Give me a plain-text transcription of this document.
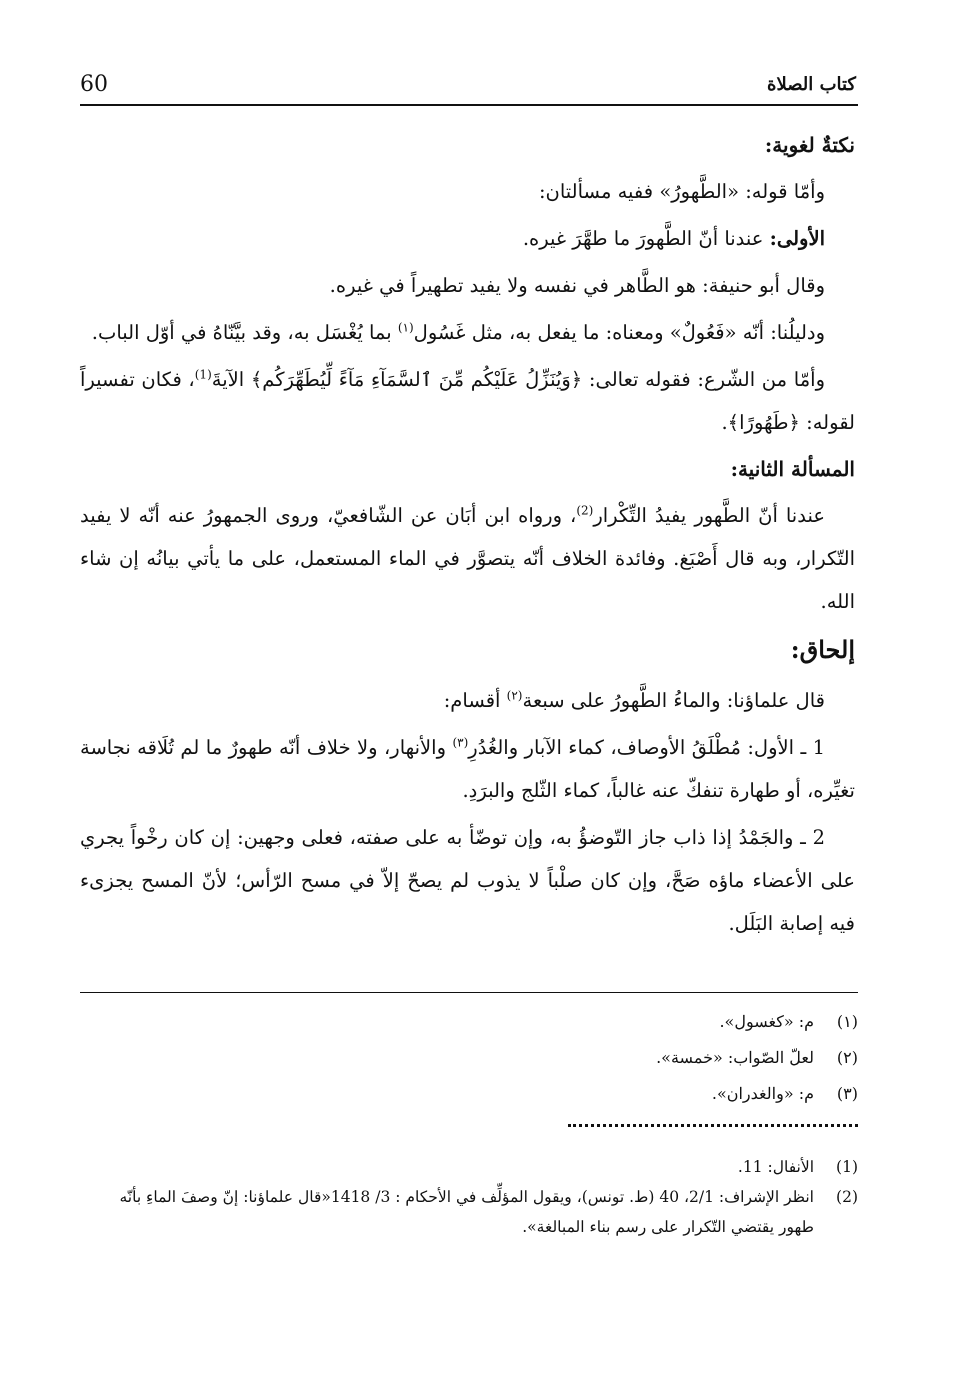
60	كتاب الصلاة

نكتةٌ لغوية:

وأمّا قوله: «الطَّهورُ» ففيه مسألتان:

الأولى: عندنا أنّ الطَّهورَ ما طهَّرَ غيره.

وقال أبو حنيفة: هو الطَّاهر في نفسه ولا يفيد تطهيراً في غيره.

ودليلُنا: أنّه «فَعُولٌ» ومعناه: ما يفعل به، مثل غَسُول$^{(١)}$ بما يُغْسَل به، وقد بيَّنّاهُ في أوّل الباب.

وأمّا من الشّرع: فقوله تعالى: ﴿وَيُنَزِّلُ عَلَيْكُم مِّنَ ٱلسَّمَآءِ مَآءً لِّيُطَهِّرَكُم﴾ الآيةَ$^{(1)}$، فكان تفسيراً لقوله: ﴿طَهُورًا﴾.

المسألة الثانية:

عندنا أنّ الطَّهور يفيدُ التِّكْرار$^{(2)}$، ورواه ابن أبَان عن الشّافعيّ، وروى الجمهورُ عنه أنّه لا يفيد التّكرار، وبه قال أَصْبَغ. وفائدة الخلاف أنّه يتصوَّر في الماء المستعمل، على ما يأتي بيانُه إن شاء الله.

إلحاق:

قال علماؤنا: والماءُ الطَّهورُ على سبعة$^{(٢)}$ أقسام:

1 ـ الأول: مُطْلَقُ الأوصاف، كماء الآبار والغُدُرِ$^{(٣)}$ والأنهار، ولا خلاف أنّه طهورٌ ما لم تُلَاقه نجاسة تغيِّره، أو طهارة تنفكّ عنه غالباً، كماء الثّلج والبرَدِ.

2 ـ والجَمْدُ إذا ذاب جاز التّوضؤُ به، وإن توضّأ به على صفته، فعلى وجهين: إن كان رخْواً يجري على الأعضاء ماؤه صَحَّ، وإن كان صلْباً لا يذوب لم يصحّ إلاّ في مسح الرّأس؛ لأنّ المسح يجزىء فيه إصابة البَلَل.

(١)
م: «كغسول».

(٢)
لعلّ الصّواب: «خمسة».

(٣)
م: «والغدران».

(1)
الأنفال: 11.

(2)
انظر الإشراف: 2/1، 40 (ط. تونس)، ويقول المؤلِّف في الأحكام : 3/ 1418«قال علماؤنا: إنّ وصفَ الماءِ بأنّه طهور يقتضي التّكرار على رسم بناء المبالغة».
